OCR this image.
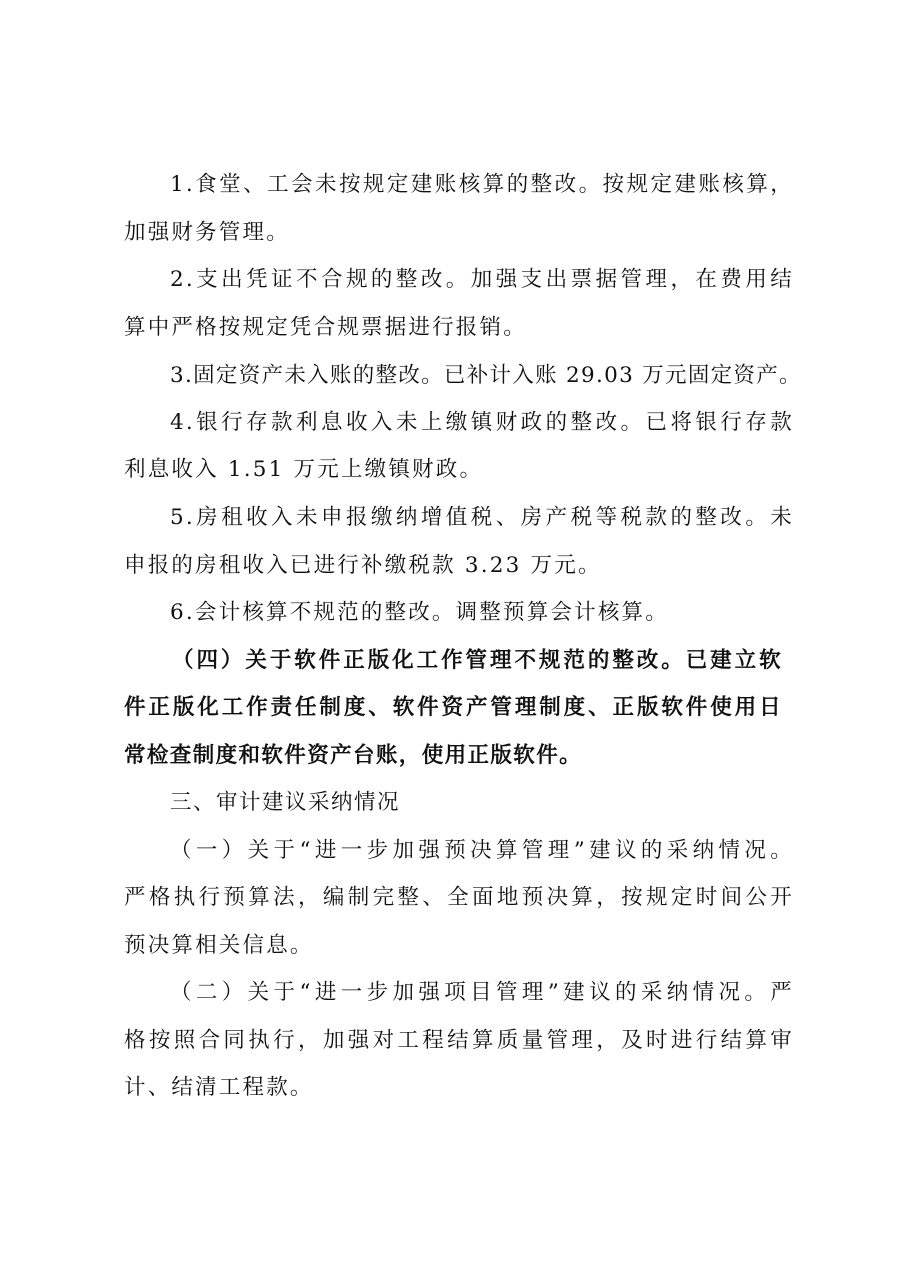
1.食堂、工会未按规定建账核算的整改。按规定建账核算，
加强财务管理。
2.支出凭证不合规的整改。加强支出票据管理，在费用结
算中严格按规定凭合规票据进行报销。
3.固定资产未入账的整改。已补计入账 29.03 万元固定资产。
4.银行存款利息收入未上缴镇财政的整改。已将银行存款
利息收入 1.51 万元上缴镇财政。
5.房租收入未申报缴纳增值税、房产税等税款的整改。未
申报的房租收入已进行补缴税款 3.23 万元。
6.会计核算不规范的整改。调整预算会计核算。
（四）关于软件正版化工作管理不规范的整改。已建立软
件正版化工作责任制度、软件资产管理制度、正版软件使用日
常检查制度和软件资产台账，使用正版软件。
三、审计建议采纳情况
（一）关于“进一步加强预决算管理”建议的采纳情况。
严格执行预算法，编制完整、全面地预决算，按规定时间公开
预决算相关信息。
（二）关于“进一步加强项目管理”建议的采纳情况。严
格按照合同执行，加强对工程结算质量管理，及时进行结算审
计、结清工程款。
